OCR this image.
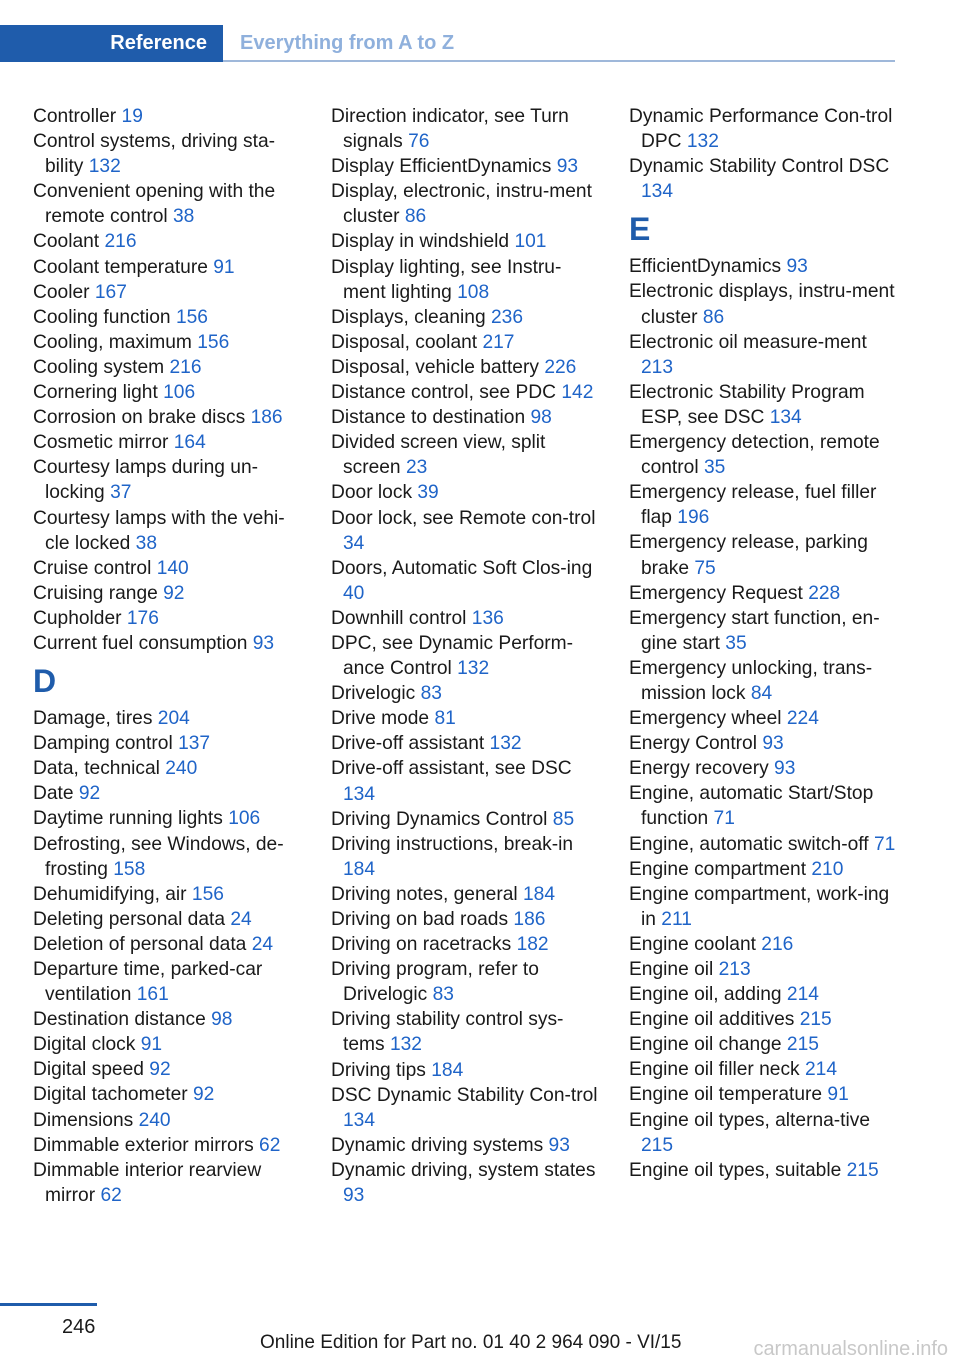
Reference	Everything from A to Z
Controller 19
Control systems, driving sta-bility 132
Convenient opening with the remote control 38
Coolant 216
Coolant temperature 91
Cooler 167
Cooling function 156
Cooling, maximum 156
Cooling system 216
Cornering light 106
Corrosion on brake discs 186
Cosmetic mirror 164
Courtesy lamps during un-locking 37
Courtesy lamps with the vehi-cle locked 38
Cruise control 140
Cruising range 92
Cupholder 176
Current fuel consumption 93
D
Damage, tires 204
Damping control 137
Data, technical 240
Date 92
Daytime running lights 106
Defrosting, see Windows, de-frosting 158
Dehumidifying, air 156
Deleting personal data 24
Deletion of personal data 24
Departure time, parked-car ventilation 161
Destination distance 98
Digital clock 91
Digital speed 92
Digital tachometer 92
Dimensions 240
Dimmable exterior mirrors 62
Dimmable interior rearview mirror 62
Direction indicator, see Turn signals 76
Display EfficientDynamics 93
Display, electronic, instru-ment cluster 86
Display in windshield 101
Display lighting, see Instru-ment lighting 108
Displays, cleaning 236
Disposal, coolant 217
Disposal, vehicle battery 226
Distance control, see PDC 142
Distance to destination 98
Divided screen view, split screen 23
Door lock 39
Door lock, see Remote con-trol 34
Doors, Automatic Soft Clos-ing 40
Downhill control 136
DPC, see Dynamic Perform-ance Control 132
Drivelogic 83
Drive mode 81
Drive-off assistant 132
Drive-off assistant, see DSC 134
Driving Dynamics Control 85
Driving instructions, break-in 184
Driving notes, general 184
Driving on bad roads 186
Driving on racetracks 182
Driving program, refer to Drivelogic 83
Driving stability control sys-tems 132
Driving tips 184
DSC Dynamic Stability Con-trol 134
Dynamic driving systems 93
Dynamic driving, system states 93
Dynamic Performance Con-trol DPC 132
Dynamic Stability Control DSC 134
E
EfficientDynamics 93
Electronic displays, instru-ment cluster 86
Electronic oil measure-ment 213
Electronic Stability Program ESP, see DSC 134
Emergency detection, remote control 35
Emergency release, fuel filler flap 196
Emergency release, parking brake 75
Emergency Request 228
Emergency start function, en-gine start 35
Emergency unlocking, trans-mission lock 84
Emergency wheel 224
Energy Control 93
Energy recovery 93
Engine, automatic Start/Stop function 71
Engine, automatic switch-off 71
Engine compartment 210
Engine compartment, work-ing in 211
Engine coolant 216
Engine oil 213
Engine oil, adding 214
Engine oil additives 215
Engine oil change 215
Engine oil filler neck 214
Engine oil temperature 91
Engine oil types, alterna-tive 215
Engine oil types, suitable 215
246
Online Edition for Part no. 01 40 2 964 090 - VI/15	carmanualsonline.info
